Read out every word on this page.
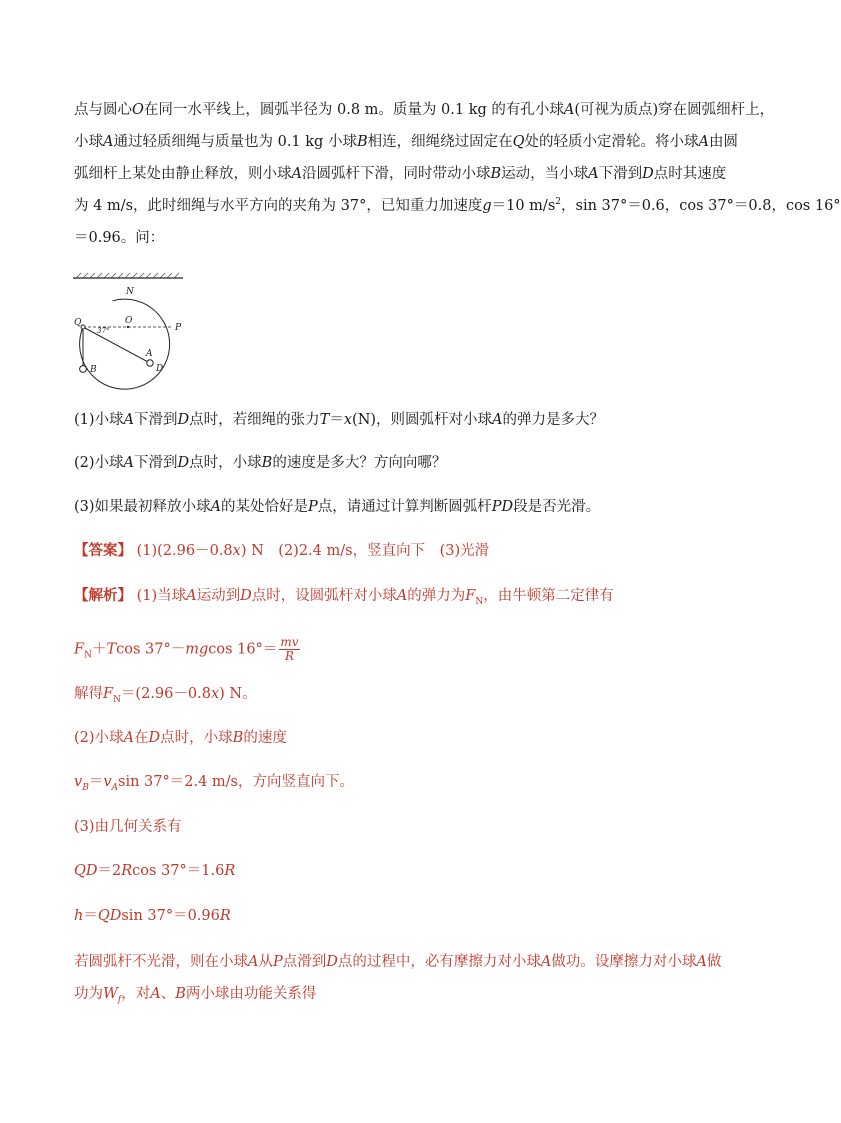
点与圆心O在同一水平线上，圆弧半径为 0.8 m。质量为 0.1 kg 的有孔小球A(可视为质点)穿在圆弧细杆上，
小球A通过轻质细绳与质量也为 0.1 kg 小球B相连，细绳绕过固定在Q处的轻质小定滑轮。将小球A由圆
弧细杆上某处由静止释放，则小球A沿圆弧杆下滑，同时带动小球B运动，当小球A下滑到D点时其速度
为 4 m/s，此时细绳与水平方向的夹角为 37°，已知重力加速度g＝10 $m/s^2$，sin 37°＝0.6，cos 37°＝0.8，cos 16°
＝0.96。问：
N
O
Q	P
A
B	D
37°
(1)小球A下滑到D点时，若细绳的张力T＝x(N)，则圆弧杆对小球A的弹力是多大？
(2)小球A下滑到D点时，小球B的速度是多大？方向向哪？
(3)如果最初释放小球A的某处恰好是P点，请通过计算判断圆弧杆PD段是否光滑。
【答案】 (1)(2.96－0.8x) N　(2)2.4 m/s，竖直向下　(3)光滑
【解析】 (1)当球A运动到D点时，设圆弧杆对小球A的弹力为$F_N$，由牛顿第二定律有
$F_N+Tcos$ 37°－mgcos $16^\circ= \frac{mv}{R}$
解得$F_N=(2.96-0.8x)$ N。
(2)小球A在D点时，小球B的速度
$v_B=v_A\sin$ 37°＝2.4 m/s，方向竖直向下。
(3)由几何关系有
QD＝2Rcos 37°＝1.6R
h＝QDsin 37°＝0.96R
若圆弧杆不光滑，则在小球A从P点滑到D点的过程中，必有摩擦力对小球A做功。设摩擦力对小球A做
功为$W_f$，对A、B两小球由功能关系得
